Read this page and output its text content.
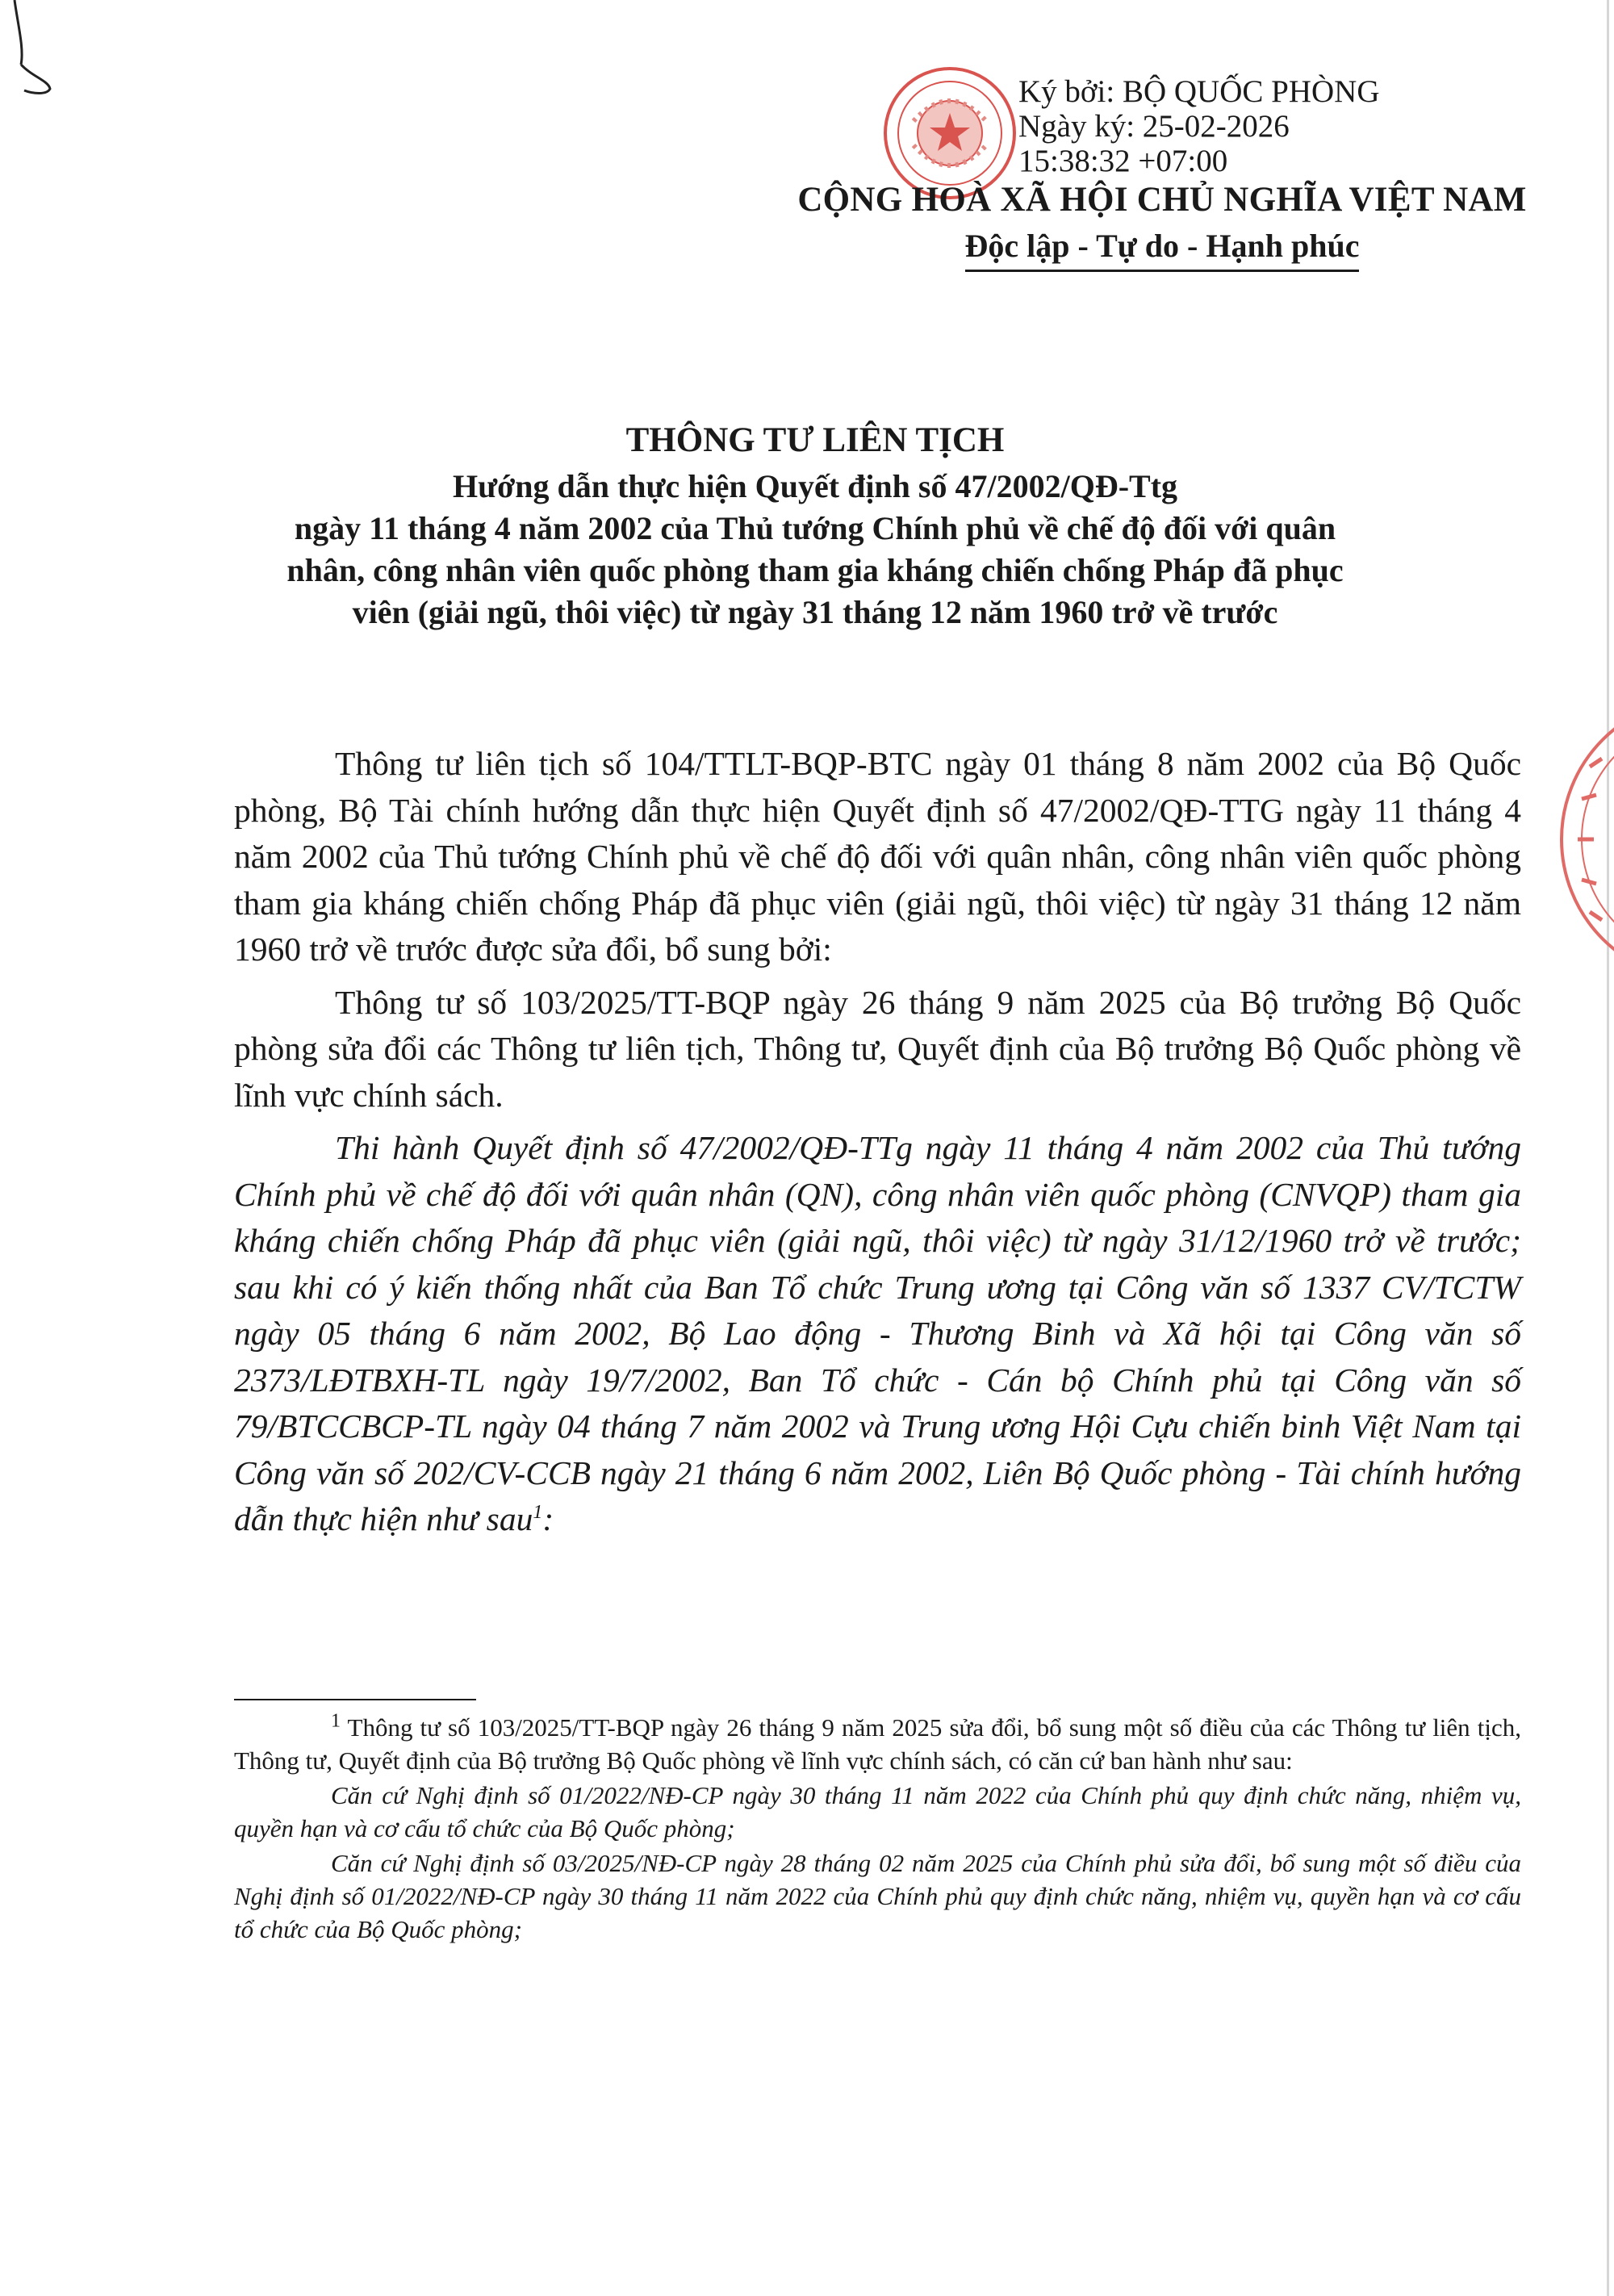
Ký bởi: BỘ QUỐC PHÒNG
Ngày ký: 25-02-2026
15:38:32 +07:00
CỘNG HOÀ XÃ HỘI CHỦ NGHĨA VIỆT NAM
Độc lập - Tự do - Hạnh phúc
THÔNG TƯ LIÊN TỊCH
Hướng dẫn thực hiện Quyết định số 47/2002/QĐ-Ttg
ngày 11 tháng 4 năm 2002 của Thủ tướng Chính phủ về chế độ đối với quân
nhân, công nhân viên quốc phòng tham gia kháng chiến chống Pháp đã phục
viên (giải ngũ, thôi việc) từ ngày 31 tháng 12 năm 1960 trở về trước

Thông tư liên tịch số 104/TTLT-BQP-BTC ngày 01 tháng 8 năm 2002 của Bộ Quốc phòng, Bộ Tài chính hướng dẫn thực hiện Quyết định số 47/2002/QĐ-TTG ngày 11 tháng 4 năm 2002 của Thủ tướng Chính phủ về chế độ đối với quân nhân, công nhân viên quốc phòng tham gia kháng chiến chống Pháp đã phục viên (giải ngũ, thôi việc) từ ngày 31 tháng 12 năm 1960 trở về trước được sửa đổi, bổ sung bởi:

Thông tư số 103/2025/TT-BQP ngày 26 tháng 9 năm 2025 của Bộ trưởng Bộ Quốc phòng sửa đổi các Thông tư liên tịch, Thông tư, Quyết định của Bộ trưởng Bộ Quốc phòng về lĩnh vực chính sách.

Thi hành Quyết định số 47/2002/QĐ-TTg ngày 11 tháng 4 năm 2002 của Thủ tướng Chính phủ về chế độ đối với quân nhân (QN), công nhân viên quốc phòng (CNVQP) tham gia kháng chiến chống Pháp đã phục viên (giải ngũ, thôi việc) từ ngày 31/12/1960 trở về trước; sau khi có ý kiến thống nhất của Ban Tổ chức Trung ương tại Công văn số 1337 CV/TCTW ngày 05 tháng 6 năm 2002, Bộ Lao động - Thương Binh và Xã hội tại Công văn số 2373/LĐTBXH-TL ngày 19/7/2002, Ban Tổ chức - Cán bộ Chính phủ tại Công văn số 79/BTCCBCP-TL ngày 04 tháng 7 năm 2002 và Trung ương Hội Cựu chiến binh Việt Nam tại Công văn số 202/CV-CCB ngày 21 tháng 6 năm 2002, Liên Bộ Quốc phòng - Tài chính hướng dẫn thực hiện như sau$^1$:

$^1$ Thông tư số 103/2025/TT-BQP ngày 26 tháng 9 năm 2025 sửa đổi, bổ sung một số điều của các Thông tư liên tịch, Thông tư, Quyết định của Bộ trưởng Bộ Quốc phòng về lĩnh vực chính sách, có căn cứ ban hành như sau:

Căn cứ Nghị định số 01/2022/NĐ-CP ngày 30 tháng 11 năm 2022 của Chính phủ quy định chức năng, nhiệm vụ, quyền hạn và cơ cấu tổ chức của Bộ Quốc phòng;

Căn cứ Nghị định số 03/2025/NĐ-CP ngày 28 tháng 02 năm 2025 của Chính phủ sửa đổi, bổ sung một số điều của Nghị định số 01/2022/NĐ-CP ngày 30 tháng 11 năm 2022 của Chính phủ quy định chức năng, nhiệm vụ, quyền hạn và cơ cấu tổ chức của Bộ Quốc phòng;
